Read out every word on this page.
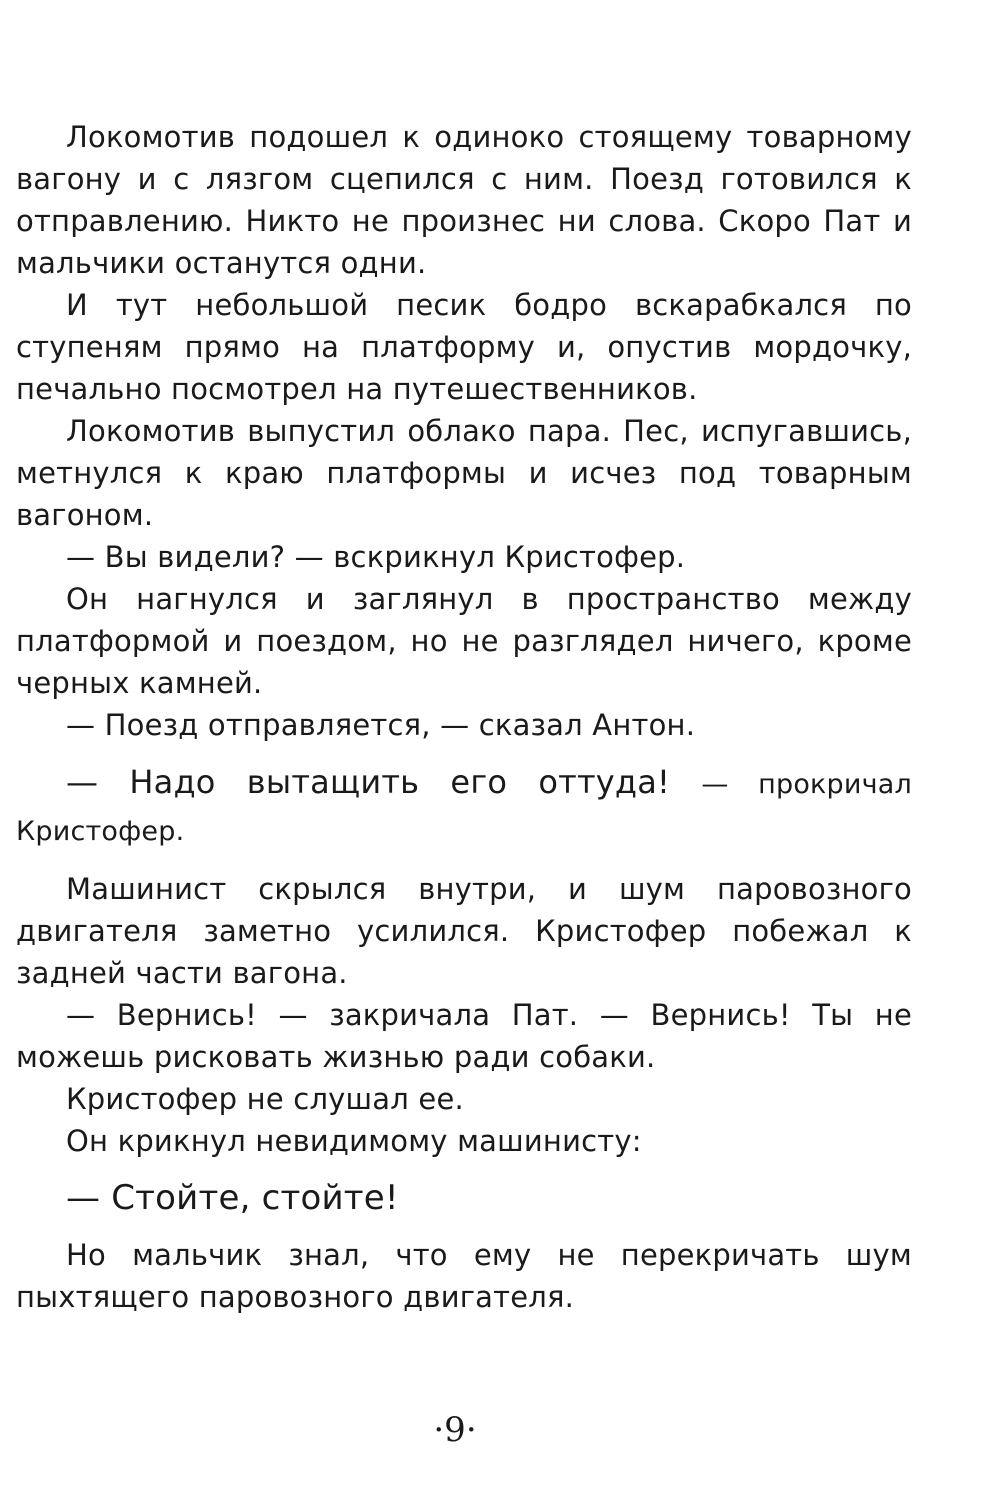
Локомотив подошел к одиноко стоящему товарному вагону и с лязгом сцепился с ним. Поезд готовился к отправлению. Никто не произнес ни слова. Скоро Пат и мальчики останутся одни.

И тут небольшой песик бодро вскарабкался по ступеням прямо на платформу и, опустив мордочку, печально посмотрел на путешественников.

Локомотив выпустил облако пара. Пес, испугавшись, метнулся к краю платформы и исчез под товарным вагоном.

— Вы видели? — вскрикнул Кристофер.

Он нагнулся и заглянул в пространство между платформой и поездом, но не разглядел ничего, кроме черных камней.

— Поезд отправляется, — сказал Антон.

— Надо вытащить его оттуда! — прокричал Кристофер.

Машинист скрылся внутри, и шум паровозного двигателя заметно усилился. Кристофер побежал к задней части вагона.

— Вернись! — закричала Пат. — Вернись! Ты не можешь рисковать жизнью ради собаки.

Кристофер не слушал ее.

Он крикнул невидимому машинисту:

— Стойте, стойте!

Но мальчик знал, что ему не перекричать шум пыхтящего паровозного двигателя.

·9·
